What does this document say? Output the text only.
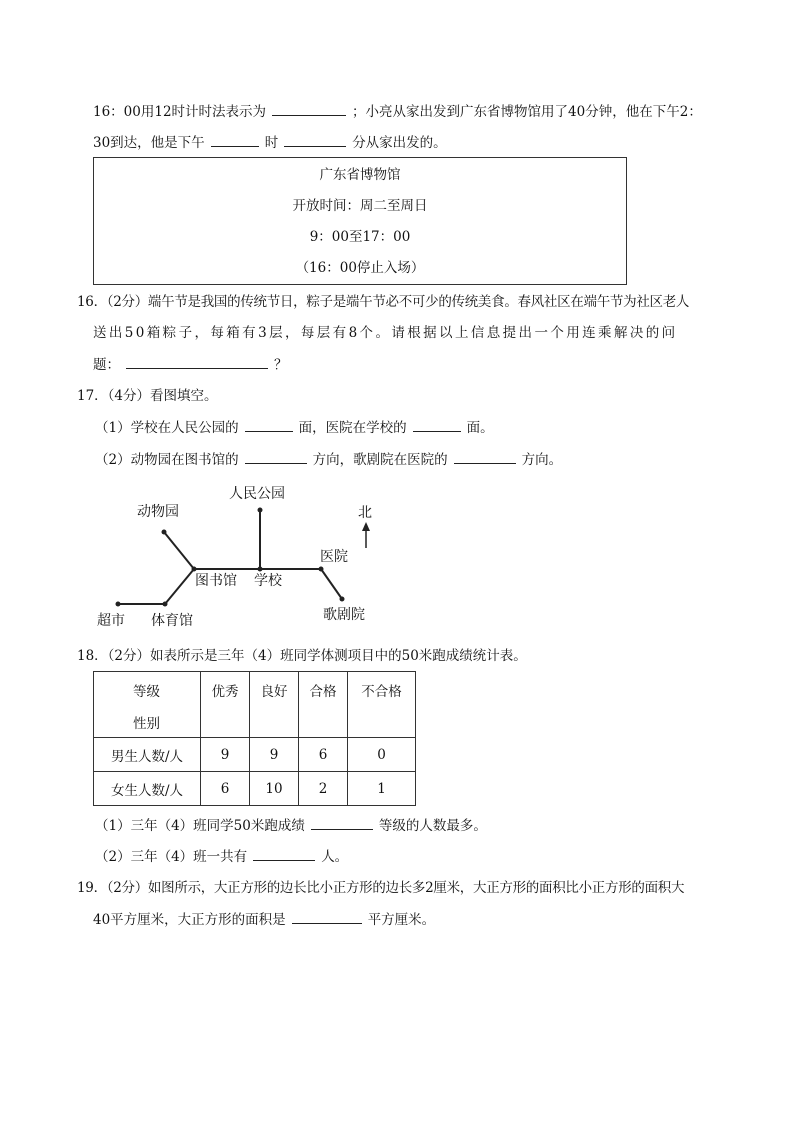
16：00用12时计时法表示为	；小亮从家出发到广东省博物馆用了40分钟，他在下午2：
30到达，他是下午	时	分从家出发的。
广东省博物馆
开放时间：周二至周日
9：00至17：00
（16：00停止入场）
16．（2分）端午节是我国的传统节日，粽子是端午节必不可少的传统美食。春风社区在端午节为社区老人
送出50箱粽子，每箱有3层，每层有8个。请根据以上信息提出一个用连乘解决的问
题：	？
17．（4分）看图填空。
（1）学校在人民公园的	面，医院在学校的	面。
（2）动物园在图书馆的	方向，歌剧院在医院的	方向。
人民公园
动物园	北
医院
图书馆 学校
歌剧院
超市 体育馆
18．（2分）如表所示是三年（4）班同学体测项目中的50米跑成绩统计表。
等级
性别	优秀	良好	合格	不合格
男生人数/人	9	9	6	0
女生人数/人	6	10	2	1
（1）三年（4）班同学50米跑成绩	等级的人数最多。
（2）三年（4）班一共有	人。
19．（2分）如图所示，大正方形的边长比小正方形的边长多2厘米，大正方形的面积比小正方形的面积大
40平方厘米，大正方形的面积是	平方厘米。
